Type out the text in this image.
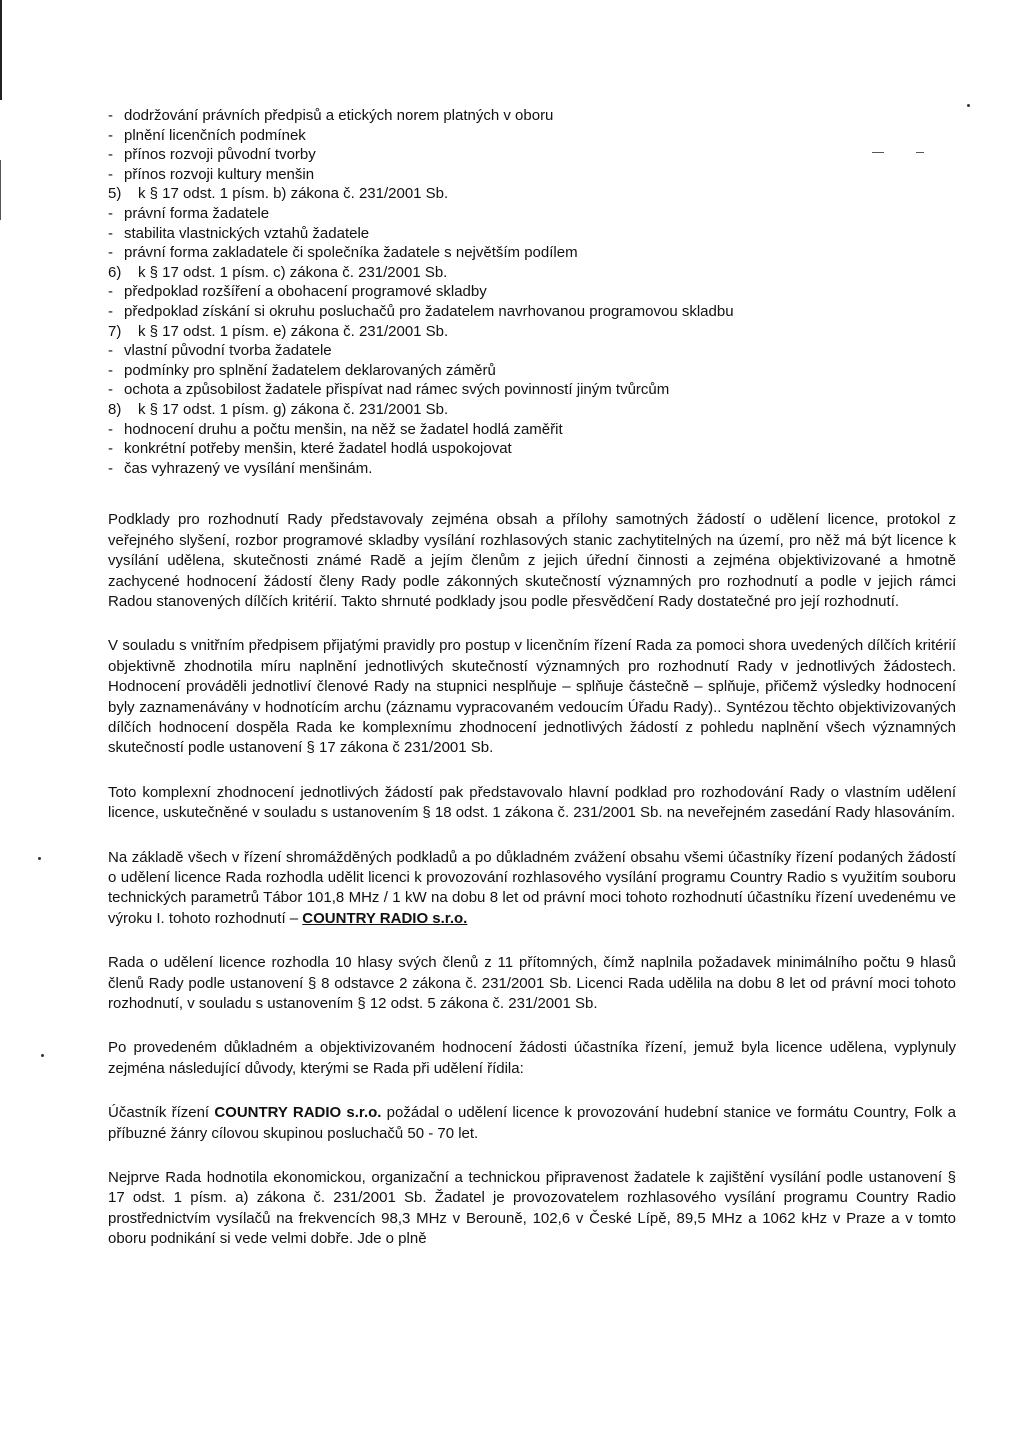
- dodržování právních předpisů a etických norem platných v oboru
- plnění licenčních podmínek
- přínos rozvoji původní tvorby
- přínos rozvoji kultury menšin
5) k § 17 odst. 1 písm. b) zákona č. 231/2001 Sb.
- právní forma žadatele
- stabilita vlastnických vztahů žadatele
- právní forma zakladatele či společníka žadatele s největším podílem
6) k § 17 odst. 1 písm. c) zákona č. 231/2001 Sb.
- předpoklad rozšíření a obohacení programové skladby
- předpoklad získání si okruhu posluchačů pro žadatelem navrhovanou programovou skladbu
7) k § 17 odst. 1 písm. e) zákona č. 231/2001 Sb.
- vlastní původní tvorba žadatele
- podmínky pro splnění žadatelem deklarovaných záměrů
- ochota a způsobilost žadatele přispívat nad rámec svých povinností jiným tvůrcům
8) k § 17 odst. 1 písm. g) zákona č. 231/2001 Sb.
- hodnocení druhu a počtu menšin, na něž se žadatel hodlá zaměřit
- konkrétní potřeby menšin, které žadatel hodlá uspokojovat
- čas vyhrazený ve vysílání menšinám.

Podklady pro rozhodnutí Rady představovaly zejména obsah a přílohy samotných žádostí o udělení licence, protokol z veřejného slyšení, rozbor programové skladby vysílání rozhlasových stanic zachytitelných na území, pro něž má být licence k vysílání udělena, skutečnosti známé Radě a jejím členům z jejich úřední činnosti a zejména objektivizované a hmotně zachycené hodnocení žádostí členy Rady podle zákonných skutečností významných pro rozhodnutí a podle v jejich rámci Radou stanovených dílčích kritérií. Takto shrnuté podklady jsou podle přesvědčení Rady dostatečné pro její rozhodnutí.

V souladu s vnitřním předpisem přijatými pravidly pro postup v licenčním řízení Rada za pomoci shora uvedených dílčích kritérií objektivně zhodnotila míru naplnění jednotlivých skutečností významných pro rozhodnutí Rady v jednotlivých žádostech. Hodnocení prováděli jednotliví členové Rady na stupnici nesplňuje – splňuje částečně – splňuje, přičemž výsledky hodnocení byly zaznamenávány v hodnotícím archu (záznamu vypracovaném vedoucím Úřadu Rady).. Syntézou těchto objektivizovaných dílčích hodnocení dospěla Rada ke komplexnímu zhodnocení jednotlivých žádostí z pohledu naplnění všech významných skutečností podle ustanovení § 17 zákona č 231/2001 Sb.

Toto komplexní zhodnocení jednotlivých žádostí pak představovalo hlavní podklad pro rozhodování Rady o vlastním udělení licence, uskutečněné v souladu s ustanovením § 18 odst. 1 zákona č. 231/2001 Sb. na neveřejném zasedání Rady hlasováním.

Na základě všech v řízení shromážděných podkladů a po důkladném zvážení obsahu všemi účastníky řízení podaných žádostí o udělení licence Rada rozhodla udělit licenci k provozování rozhlasového vysílání programu Country Radio s využitím souboru technických parametrů Tábor 101,8 MHz / 1 kW na dobu 8 let od právní moci tohoto rozhodnutí účastníku řízení uvedenému ve výroku I. tohoto rozhodnutí – COUNTRY RADIO s.r.o.

Rada o udělení licence rozhodla 10 hlasy svých členů z 11 přítomných, čímž naplnila požadavek minimálního počtu 9 hlasů členů Rady podle ustanovení § 8 odstavce 2 zákona č. 231/2001 Sb. Licenci Rada udělila na dobu 8 let od právní moci tohoto rozhodnutí, v souladu s ustanovením § 12 odst. 5 zákona č. 231/2001 Sb.

Po provedeném důkladném a objektivizovaném hodnocení žádosti účastníka řízení, jemuž byla licence udělena, vyplynuly zejména následující důvody, kterými se Rada při udělení řídila:

Účastník řízení COUNTRY RADIO s.r.o. požádal o udělení licence k provozování hudební stanice ve formátu Country, Folk a příbuzné žánry cílovou skupinou posluchačů 50 - 70 let.

Nejprve Rada hodnotila ekonomickou, organizační a technickou připravenost žadatele k zajištění vysílání podle ustanovení § 17 odst. 1 písm. a) zákona č. 231/2001 Sb. Žadatel je provozovatelem rozhlasového vysílání programu Country Radio prostřednictvím vysílačů na frekvencích 98,3 MHz v Berouně, 102,6 v České Lípě, 89,5 MHz a 1062 kHz v Praze a v tomto oboru podnikání si vede velmi dobře. Jde o plně
